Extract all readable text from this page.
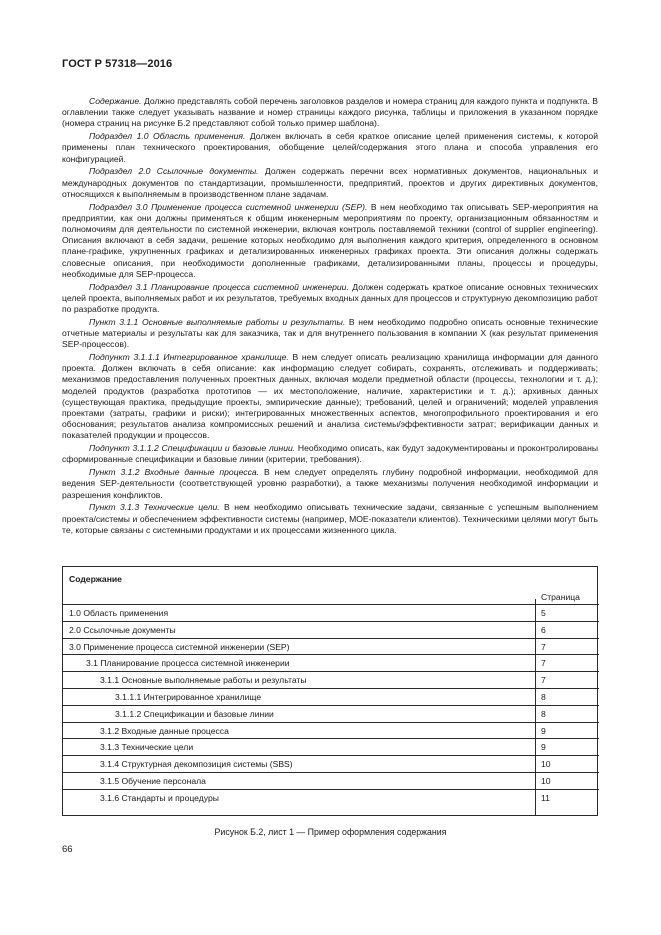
ГОСТ Р 57318—2016

Содержание. Должно представлять собой перечень заголовков разделов и номера страниц для каждого пункта и подпункта. В оглавлении также следует указывать название и номер страницы каждого рисунка, таблицы и приложения в указанном порядке (номера страниц на рисунке Б.2 представляют собой только пример шаблона).

Подраздел 1.0 Область применения. Должен включать в себя краткое описание целей применения системы, к которой применены план технического проектирования, обобщение целей/содержания этого плана и способа управления его конфигурацией.

Подраздел 2.0 Ссылочные документы. Должен содержать перечни всех нормативных документов, национальных и международных документов по стандартизации, промышленности, предприятий, проектов и других директивных документов, относящихся к выполняемым в производственном плане задачам.

Подраздел 3.0 Применение процесса системной инженерии (SEP). В нем необходимо так описывать SEP-мероприятия на предприятии, как они должны применяться к общим инженерным мероприятиям по проекту, организационным обязанностям и полномочиям для деятельности по системной инженерии, включая контроль поставляемой техники (control of supplier engineering). Описания включают в себя задачи, решение которых необходимо для выполнения каждого критерия, определенного в основном плане-графике, укрупненных графиках и детализированных инженерных графиках проекта. Эти описания должны содержать словесные описания, при необходимости дополненные графиками, детализированными планы, процессы и процедуры, необходимые для SEP-процесса.

Подраздел 3.1 Планирование процесса системной инженерии. Должен содержать краткое описание основных технических целей проекта, выполняемых работ и их результатов, требуемых входных данных для процессов и структурную декомпозицию работ по разработке продукта.

Пункт 3.1.1 Основные выполняемые работы и результаты. В нем необходимо подробно описать основные технические отчетные материалы и результаты как для заказчика, так и для внутреннего пользования в компании X (как результат применения SEP-процессов).

Подпункт 3.1.1.1 Интегрированное хранилище. В нем следует описать реализацию хранилища информации для данного проекта. Должен включать в себя описание: как информацию следует собирать, сохранять, отслеживать и поддерживать; механизмов предоставления полученных проектных данных, включая модели предметной области (процессы, технологии и т. д.); моделей продуктов (разработка прототипов — их местоположение, наличие, характеристики и т. д.); архивных данных (существующая практика, предыдущие проекты, эмпирические данные); требований, целей и ограничений; моделей управления проектами (затраты, графики и риски); интегрированных множественных аспектов, многопрофильного проектирования и его обоснования; результатов анализа компромиссных решений и анализа системы/эффективности затрат; верификации данных и показателей продукции и процессов.

Подпункт 3.1.1.2 Спецификации и базовые линии. Необходимо описать, как будут задокументированы и проконтролированы сформированные спецификации и базовые линии (критерии, требования).

Пункт 3.1.2 Входные данные процесса. В нем следует определять глубину подробной информации, необходимой для ведения SEP-деятельности (соответствующей уровню разработки), а также механизмы получения необходимой информации и разрешения конфликтов.

Пункт 3.1.3 Технические цели. В нем необходимо описывать технические задачи, связанные с успешным выполнением проекта/системы и обеспечением эффективности системы (например, MOE-показатели клиентов). Техническими целями могут быть те, которые связаны с системными продуктами и их процессами жизненного цикла.

Содержание
Страница
1.0 Область применения	5
2.0 Ссылочные документы	6
3.0 Применение процесса системной инженерии (SEP)	7
3.1 Планирование процесса системной инженерии	7
3.1.1 Основные выполняемые работы и результаты	7
3.1.1.1 Интегрированное хранилище	8
3.1.1.2 Спецификации и базовые линии	8
3.1.2 Входные данные процесса	9
3.1.3 Технические цели	9
3.1.4 Структурная декомпозиция системы (SBS)	10
3.1.5 Обучение персонала	10
3.1.6 Стандарты и процедуры	11
Рисунок Б.2, лист 1 — Пример оформления содержания
66
